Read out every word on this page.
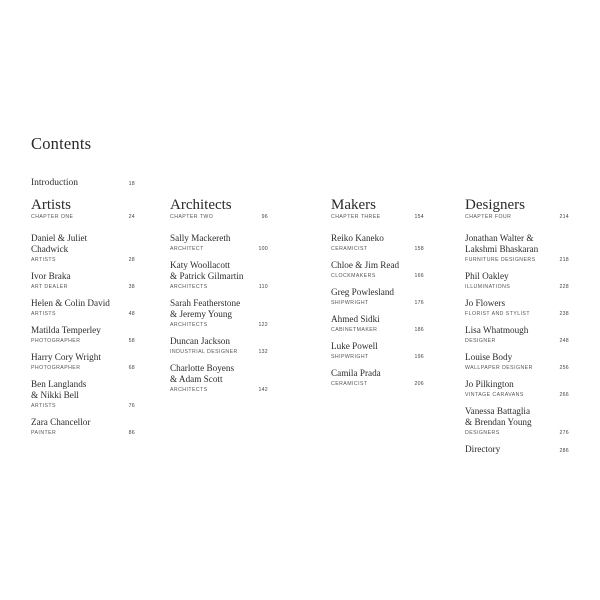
Contents
Introduction	18
Artists
CHAPTER ONE	24
Daniel & Juliet
Chadwick
ARTISTS	28
Ivor Braka
ART DEALER	38
Helen & Colin David
ARTISTS	48
Matilda Temperley
PHOTOGRAPHER	58
Harry Cory Wright
PHOTOGRAPHER	68
Ben Langlands
& Nikki Bell
ARTISTS	76
Zara Chancellor
PAINTER	86
Architects
CHAPTER TWO	96
Sally Mackereth
ARCHITECT	100
Katy Woollacott
& Patrick Gilmartin
ARCHITECTS	110
Sarah Featherstone
& Jeremy Young
ARCHITECTS	122
Duncan Jackson
INDUSTRIAL DESIGNER	132
Charlotte Boyens
& Adam Scott
ARCHITECTS	142
Makers
CHAPTER THREE	154
Reiko Kaneko
CERAMICIST	158
Chloe & Jim Read
CLOCKMAKERS	166
Greg Powlesland
SHIPWRIGHT	176
Ahmed Sidki
CABINETMAKER	186
Luke Powell
SHIPWRIGHT	196
Camila Prada
CERAMICIST	206
Designers
CHAPTER FOUR	214
Jonathan Walter &
Lakshmi Bhaskaran
FURNITURE DESIGNERS	218
Phil Oakley
ILLUMINATIONS	228
Jo Flowers
FLORIST AND STYLIST	238
Lisa Whatmough
DESIGNER	248
Louise Body
WALLPAPER DESIGNER	256
Jo Pilkington
VINTAGE CARAVANS	266
Vanessa Battaglia
& Brendan Young
DESIGNERS	276
Directory	286
